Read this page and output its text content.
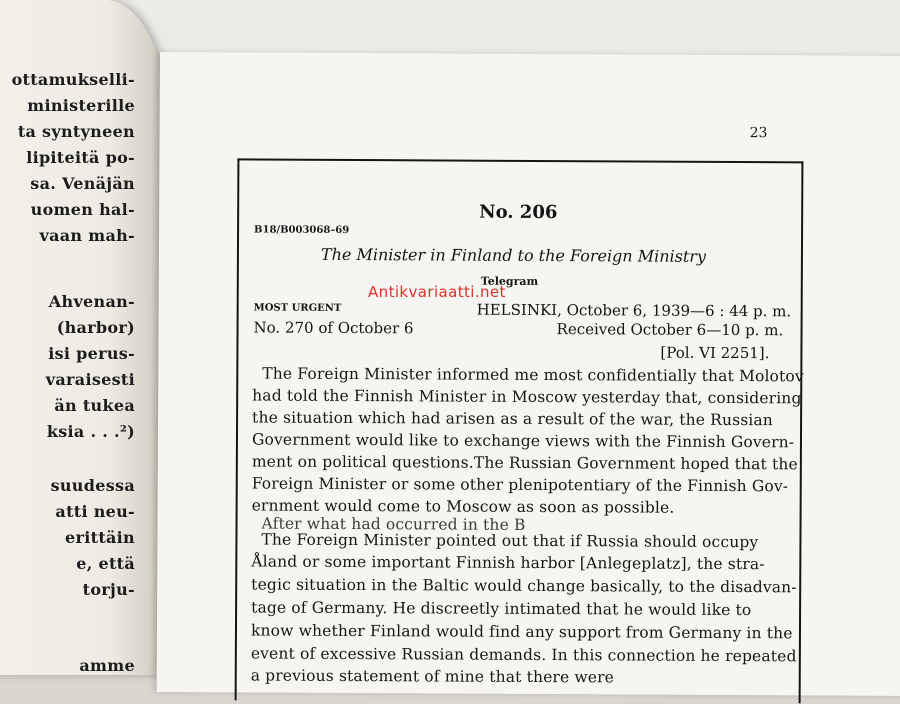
ottamukselli-

ministerille

ta syntyneen

lipiteitä po-

sa. Venäjän

uomen hal-

vaan mah-

Ahvenan-

(harbor)

isi perus-

varaisesti

än tukea

ksia . . .²)

suudessa

atti neu-

erittäin

e, että

torju-

amme

23
No. 206
B18/B003068–69
The Minister in Finland to the Foreign Ministry
Telegram
MOST URGENT	HELSINKI, October 6, 1939—6 : 44 p. m.
No. 270 of October 6	Received October 6—10 p. m.
[Pol. VI 2251].

The Foreign Minister informed me most confidentially that Molotov

had told the Finnish Minister in Moscow yesterday that, considering

the situation which had arisen as a result of the war, the Russian

Government would like to exchange views with the Finnish Govern-

ment on political questions.The Russian Government hoped that the

Foreign Minister or some other plenipotentiary of the Finnish Gov-

ernment would come to Moscow as soon as possible.

After what had occurred in the B

The Foreign Minister pointed out that if Russia should occupy

Åland or some important Finnish harbor [Anlegeplatz], the stra-

tegic situation in the Baltic would change basically, to the disadvan-

tage of Germany. He discreetly intimated that he would like to

know whether Finland would find any support from Germany in the

event of excessive Russian demands. In this connection he repeated

a previous statement of mine that there were

Antikvariaatti.net
